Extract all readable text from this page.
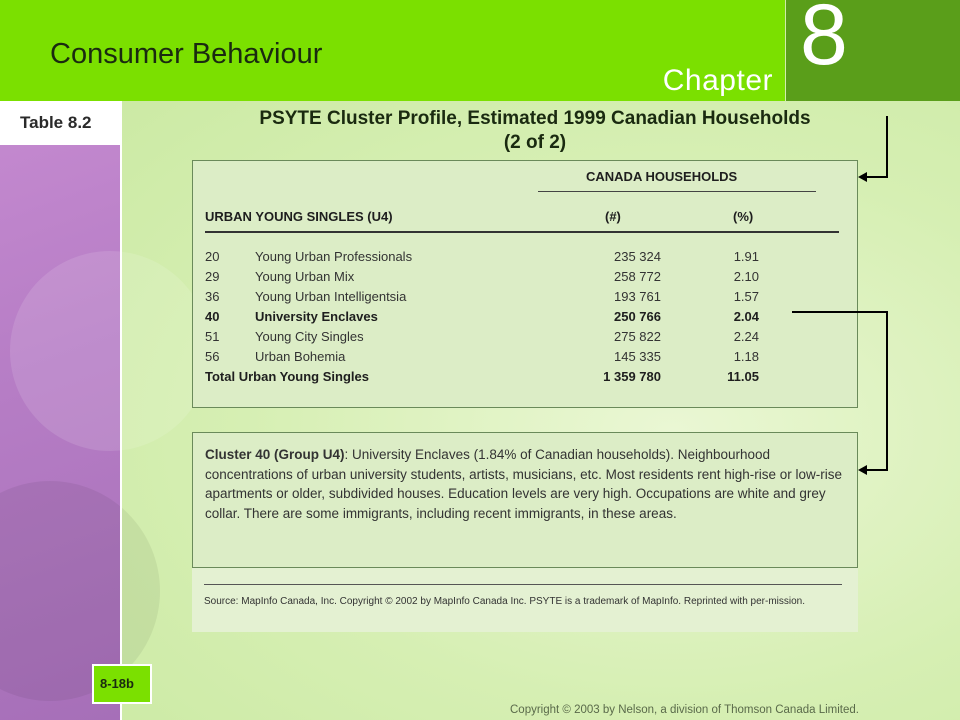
Consumer Behaviour
Chapter 8
Table 8.2
8-18b
PSYTE Cluster Profile, Estimated 1999 Canadian Households
(2 of 2)
CANADA HOUSEHOLDS
URBAN YOUNG SINGLES (U4)	(#)	(%)
20	Young Urban Professionals	235 324	1.91
29	Young Urban Mix	258 772	2.10
36	Young Urban Intelligentsia	193 761	1.57
40	University Enclaves	250 766	2.04
51	Young City Singles	275 822	2.24
56	Urban Bohemia	145 335	1.18
Total Urban Young Singles	1 359 780	11.05
Cluster 40 (Group U4): University Enclaves (1.84% of Canadian households). Neighbourhood concentrations of urban university students, artists, musicians, etc. Most residents rent high-rise or low-rise apartments or older, subdivided houses. Education levels are very high. Occupations are white and grey collar. There are some immigrants, including recent immigrants, in these areas.
Source: MapInfo Canada, Inc. Copyright © 2002 by MapInfo Canada Inc. PSYTE is a trademark of MapInfo. Reprinted with per-mission.
Copyright © 2003 by Nelson, a division of Thomson Canada Limited.
